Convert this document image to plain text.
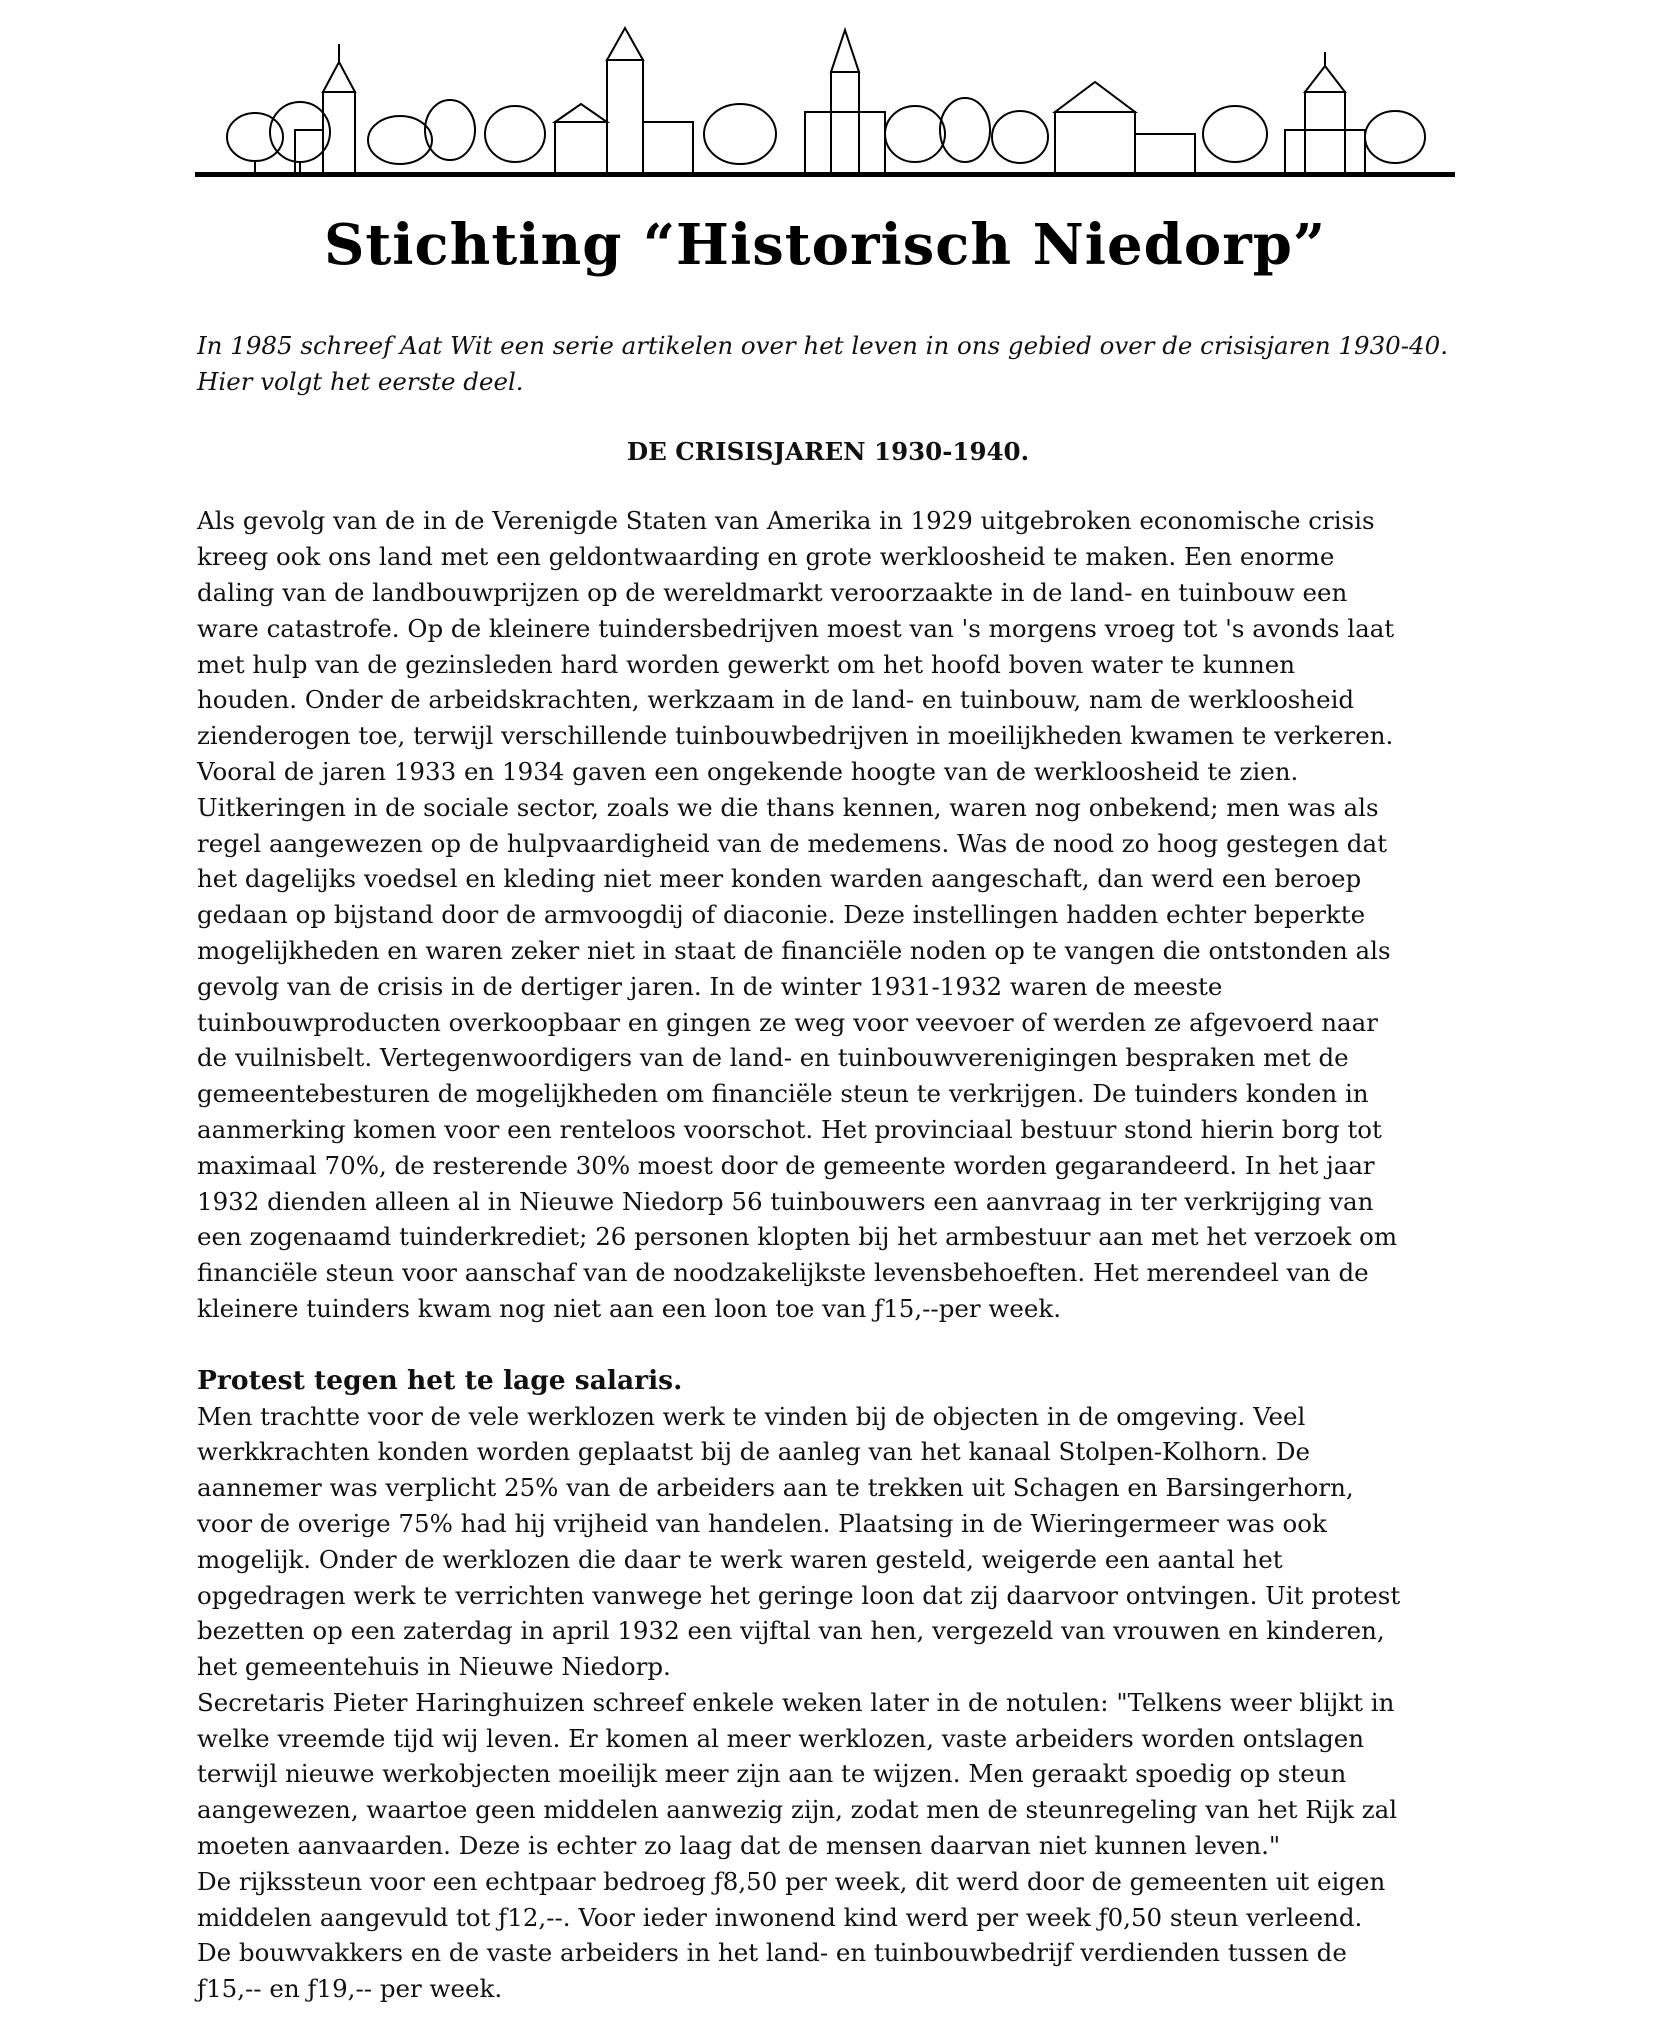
Stichting “Historisch Niedorp”

In 1985 schreef Aat Wit een serie artikelen over het leven in ons gebied over de crisisjaren 1930-40.
Hier volgt het eerste deel.

DE CRISISJAREN 1930-1940.

Als gevolg van de in de Verenigde Staten van Amerika in 1929 uitgebroken economische crisis
kreeg ook ons land met een geldontwaarding en grote werkloosheid te maken. Een enorme
daling van de landbouwprijzen op de wereldmarkt veroorzaakte in de land- en tuinbouw een
ware catastrofe. Op de kleinere tuindersbedrijven moest van 's morgens vroeg tot 's avonds laat
met hulp van de gezinsleden hard worden gewerkt om het hoofd boven water te kunnen
houden. Onder de arbeidskrachten, werkzaam in de land- en tuinbouw, nam de werkloosheid
zienderogen toe, terwijl verschillende tuinbouwbedrijven in moeilijkheden kwamen te verkeren.
Vooral de jaren 1933 en 1934 gaven een ongekende hoogte van de werkloosheid te zien.
Uitkeringen in de sociale sector, zoals we die thans kennen, waren nog onbekend; men was als
regel aangewezen op de hulpvaardigheid van de medemens. Was de nood zo hoog gestegen dat
het dagelijks voedsel en kleding niet meer konden warden aangeschaft, dan werd een beroep
gedaan op bijstand door de armvoogdij of diaconie. Deze instellingen hadden echter beperkte
mogelijkheden en waren zeker niet in staat de financiële noden op te vangen die ontstonden als
gevolg van de crisis in de dertiger jaren. In de winter 1931-1932 waren de meeste
tuinbouwproducten overkoopbaar en gingen ze weg voor veevoer of werden ze afgevoerd naar
de vuilnisbelt. Vertegenwoordigers van de land- en tuinbouwverenigingen bespraken met de
gemeentebesturen de mogelijkheden om financiële steun te verkrijgen. De tuinders konden in
aanmerking komen voor een renteloos voorschot. Het provinciaal bestuur stond hierin borg tot
maximaal 70%, de resterende 30% moest door de gemeente worden gegarandeerd. In het jaar
1932 dienden alleen al in Nieuwe Niedorp 56 tuinbouwers een aanvraag in ter verkrijging van
een zogenaamd tuinderkrediet; 26 personen klopten bij het armbestuur aan met het verzoek om
financiële steun voor aanschaf van de noodzakelijkste levensbehoeften. Het merendeel van de
kleinere tuinders kwam nog niet aan een loon toe van ƒ15,--per week.

Protest tegen het te lage salaris.

Men trachtte voor de vele werklozen werk te vinden bij de objecten in de omgeving. Veel
werkkrachten konden worden geplaatst bij de aanleg van het kanaal Stolpen-Kolhorn. De
aannemer was verplicht 25% van de arbeiders aan te trekken uit Schagen en Barsingerhorn,
voor de overige 75% had hij vrijheid van handelen. Plaatsing in de Wieringermeer was ook
mogelijk. Onder de werklozen die daar te werk waren gesteld, weigerde een aantal het
opgedragen werk te verrichten vanwege het geringe loon dat zij daarvoor ontvingen. Uit protest
bezetten op een zaterdag in april 1932 een vijftal van hen, vergezeld van vrouwen en kinderen,
het gemeentehuis in Nieuwe Niedorp.

Secretaris Pieter Haringhuizen schreef enkele weken later in de notulen: "Telkens weer blijkt in
welke vreemde tijd wij leven. Er komen al meer werklozen, vaste arbeiders worden ontslagen
terwijl nieuwe werkobjecten moeilijk meer zijn aan te wijzen. Men geraakt spoedig op steun
aangewezen, waartoe geen middelen aanwezig zijn, zodat men de steunregeling van het Rijk zal
moeten aanvaarden. Deze is echter zo laag dat de mensen daarvan niet kunnen leven."

De rijkssteun voor een echtpaar bedroeg ƒ8,50 per week, dit werd door de gemeenten uit eigen
middelen aangevuld tot ƒ12,--. Voor ieder inwonend kind werd per week ƒ0,50 steun verleend.
De bouwvakkers en de vaste arbeiders in het land- en tuinbouwbedrijf verdienden tussen de
ƒ15,-- en ƒ19,-- per week.
